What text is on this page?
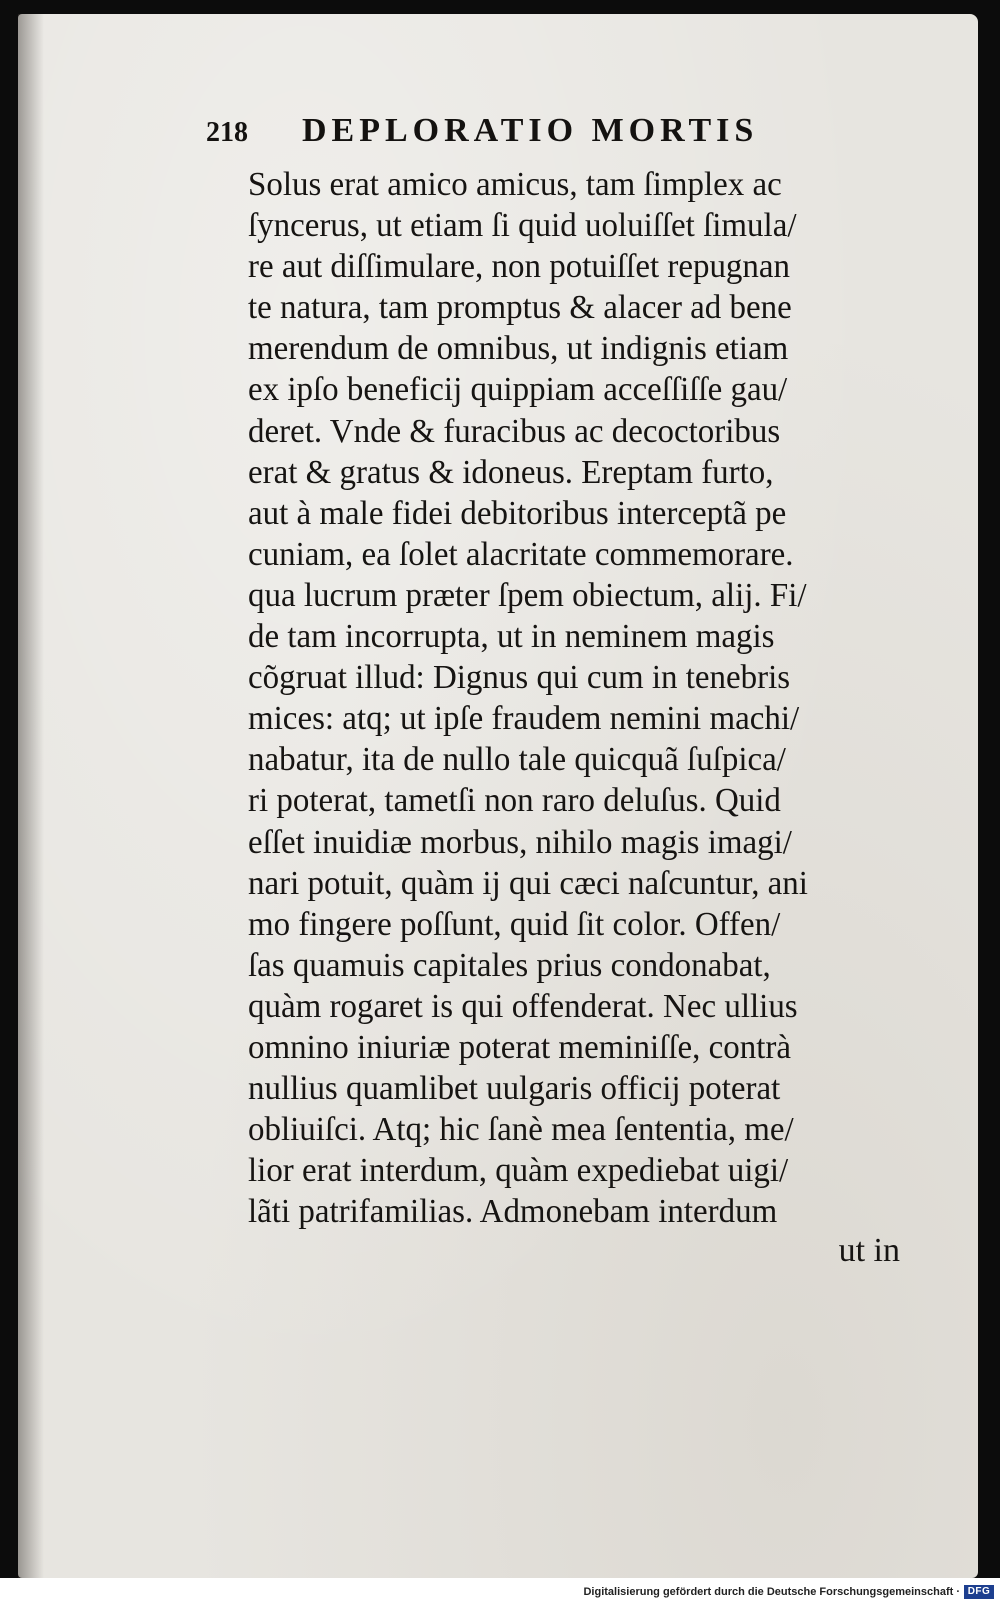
218 DEPLORATIO MORTIS
Solus erat amico amicus, tam ſimplex ac
ſyncerus, ut etiam ſi quid uoluiſſet ſimula/
re aut diſſimulare, non potuiſſet repugnan
te natura, tam promptus & alacer ad bene
merendum de omnibus, ut indignis etiam
ex ipſo beneficij quippiam acceſſiſſe gau/
deret. Vnde & furacibus ac decoctoribus
erat & gratus & idoneus. Ereptam furto,
aut à male fidei debitoribus interceptã pe
cuniam, ea ſolet alacritate commemorare.
qua lucrum præter ſpem obiectum, alij. Fi/
de tam incorrupta, ut in neminem magis
cõgruat illud: Dignus qui cum in tenebris
mices: atq; ut ipſe fraudem nemini machi/
nabatur, ita de nullo tale quicquã ſuſpica/
ri poterat, tametſi non raro deluſus. Quid
eſſet inuidiæ morbus, nihilo magis imagi/
nari potuit, quàm ij qui cæci naſcuntur, ani
mo fingere poſſunt, quid ſit color. Offen/
ſas quamuis capitales prius condonabat,
quàm rogaret is qui offenderat. Nec ullius
omnino iniuriæ poterat meminiſſe, contrà
nullius quamlibet uulgaris officij poterat
obliuiſci. Atq; hic ſanè mea ſententia, me/
lior erat interdum, quàm expediebat uigi/
lãti patrifamilias. Admonebam interdum
ut in
Digitalisierung gefördert durch die Deutsche Forschungsgemeinschaft · DFG
